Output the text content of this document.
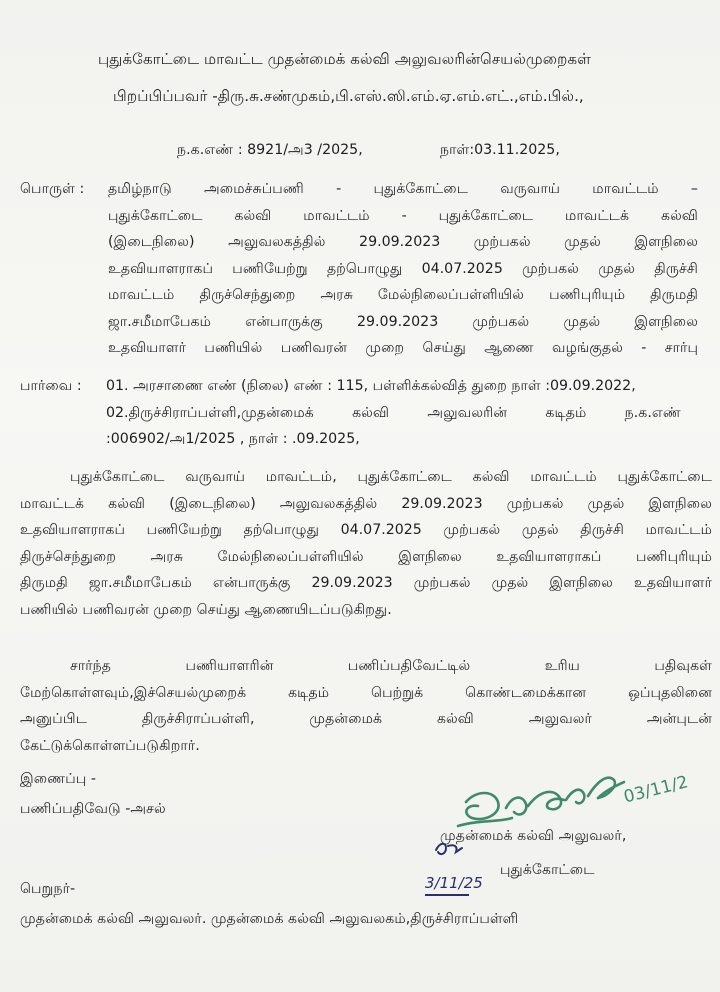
புதுக்கோட்டை மாவட்ட முதன்மைக் கல்வி அலுவலரின்செயல்முறைகள்
பிறப்பிப்பவர் -திரு.சு.சண்முகம்,பி.எஸ்.ஸி.எம்.ஏ.எம்.எட்.,எம்.பில்.,
ந.க.எண் : 8921/அ3 /2025,	நாள்:03.11.2025,
பொருள் : தமிழ்நாடு அமைச்சுப்பணி - புதுக்கோட்டை வருவாய் மாவட்டம் –
புதுக்கோட்டை கல்வி மாவட்டம் - புதுக்கோட்டை மாவட்டக் கல்வி
(இடைநிலை) அலுவலகத்தில் 29.09.2023 முற்பகல் முதல் இளநிலை
உதவியாளராகப் பணியேற்று தற்பொழுது 04.07.2025 முற்பகல் முதல் திருச்சி
மாவட்டம் திருச்செந்துறை அரசு மேல்நிலைப்பள்ளியில் பணிபுரியும் திருமதி
ஜா.சமீமாபேகம் என்பாருக்கு 29.09.2023 முற்பகல் முதல் இளநிலை
உதவியாளர் பணியில் பணிவரன் முறை செய்து ஆணை வழங்குதல் - சார்பு
பார்வை : 01. அரசாணை எண் (நிலை) எண் : 115, பள்ளிக்கல்வித் துறை நாள் :09.09.2022,
02.திருச்சிராப்பள்ளி,முதன்மைக் கல்வி அலுவலரின் கடிதம் ந.க.எண்
:006902/அ1/2025 , நாள் : .09.2025,
புதுக்கோட்டை வருவாய் மாவட்டம், புதுக்கோட்டை கல்வி மாவட்டம் புதுக்கோட்டை
மாவட்டக் கல்வி (இடைநிலை) அலுவலகத்தில் 29.09.2023 முற்பகல் முதல் இளநிலை
உதவியாளராகப் பணியேற்று தற்பொழுது 04.07.2025 முற்பகல் முதல் திருச்சி மாவட்டம்
திருச்செந்துறை அரசு மேல்நிலைப்பள்ளியில் இளநிலை உதவியாளராகப் பணிபுரியும்
திருமதி ஜா.சமீமாபேகம் என்பாருக்கு 29.09.2023 முற்பகல் முதல் இளநிலை உதவியாளர்
பணியில் பணிவரன் முறை செய்து ஆணையிடப்படுகிறது.
சார்ந்த பணியாளரின் பணிப்பதிவேட்டில் உரிய பதிவுகள்
மேற்கொள்ளவும்,இச்செயல்முறைக் கடிதம் பெற்றுக் கொண்டமைக்கான ஒப்புதலினை
அனுப்பிட திருச்சிராப்பள்ளி, முதன்மைக் கல்வி அலுவலர் அன்புடன்
கேட்டுக்கொள்ளப்படுகிறார்.
இணைப்பு -
பணிப்பதிவேடு -அசல்
03/11/2
முதன்மைக் கல்வி அலுவலர்,
புதுக்கோட்டை
3/11/25
பெறுநர்-
முதன்மைக் கல்வி அலுவலர். முதன்மைக் கல்வி அலுவலகம்,திருச்சிராப்பள்ளி
